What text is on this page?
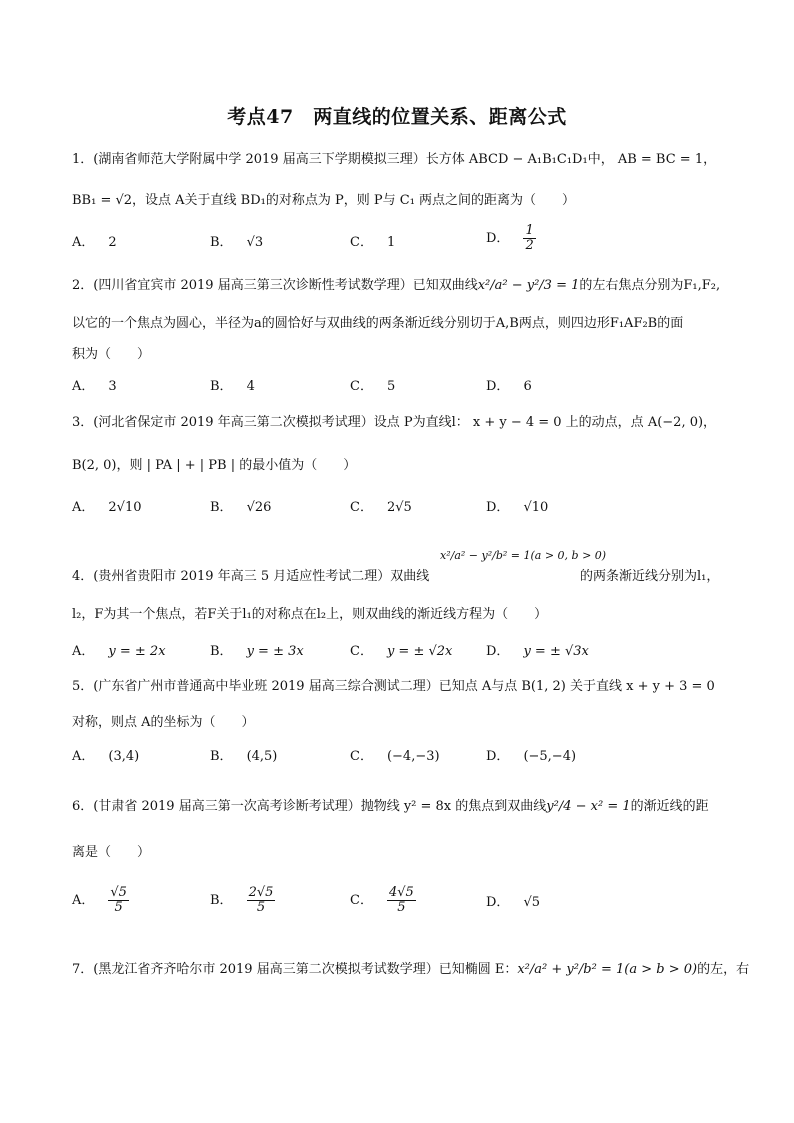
考点47　两直线的位置关系、距离公式
1．(湖南省师范大学附属中学 2019 届高三下学期模拟三理）长方体 ABCD − A₁B₁C₁D₁中， AB = BC = 1，
BB₁ = √2，设点 A关于直线 BD₁的对称点为 P，则 P与 C₁ 两点之间的距离为（　　）
A． 2	B． √3	C． 1	D． $\frac{1}{2}$
2．(四川省宜宾市 2019 届高三第三次诊断性考试数学理）已知双曲线x²/a² − y²/3 = 1的左右焦点分别为F₁,F₂,
以它的一个焦点为圆心，半径为a的圆恰好与双曲线的两条渐近线分别切于A,B两点，则四边形F₁AF₂B的面
积为（　　）
A． 3	B． 4	C． 5	D． 6
3．(河北省保定市 2019 年高三第二次模拟考试理）设点 P为直线l： x + y − 4 = 0 上的动点，点 A(−2, 0)，
B(2, 0)，则 | PA | + | PB | 的最小值为（　　）
A． 2√10	B． √26	C． 2√5	D． √10
x²/a² − y²/b² = 1(a > 0, b > 0)
4．(贵州省贵阳市 2019 年高三 5 月适应性考试二理）双曲线	的两条渐近线分别为l₁，
l₂，F为其一个焦点，若F关于l₁的对称点在l₂上，则双曲线的渐近线方程为（　　）
A． y = ± 2x	B． y = ± 3x	C． y = ± √2x	D． y = ± √3x
5．(广东省广州市普通高中毕业班 2019 届高三综合测试二理）已知点 A与点 B(1, 2) 关于直线 x + y + 3 = 0
对称，则点 A的坐标为（　　）
A． (3,4)	B． (4,5)	C． (−4,−3)	D． (−5,−4)
6．(甘肃省 2019 届高三第一次高考诊断考试理）抛物线 y² = 8x 的焦点到双曲线y²/4 − x² = 1的渐近线的距
离是（　　）
A． $\frac{√5}{5}$	B． $\frac{2√5}{5}$	C． $\frac{4√5}{5}$	D． √5
7．(黑龙江省齐齐哈尔市 2019 届高三第二次模拟考试数学理）已知椭圆 E：x²/a² + y²/b² = 1(a > b > 0)的左，右
